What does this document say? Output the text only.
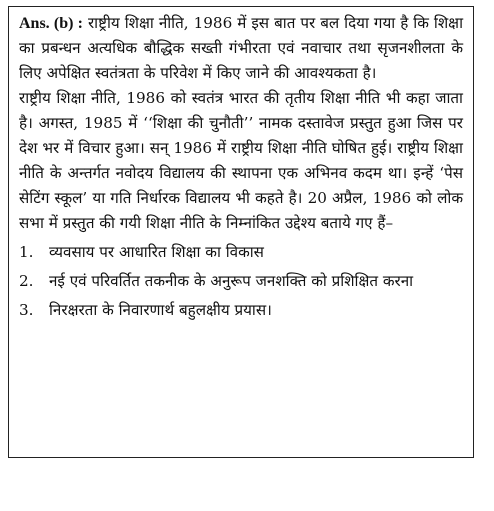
Ans. (b) : राष्ट्रीय शिक्षा नीति, 1986 में इस बात पर बल दिया गया है कि शिक्षा का प्रबन्धन अत्यधिक बौद्धिक सख्ती गंभीरता एवं नवाचार तथा सृजनशीलता के लिए अपेक्षित स्वतंत्रता के परिवेश में किए जाने की आवश्यकता है।

राष्ट्रीय शिक्षा नीति, 1986 को स्वतंत्र भारत की तृतीय शिक्षा नीति भी कहा जाता है। अगस्त, 1985 में ‘‘शिक्षा की चुनौती’’ नामक दस्तावेज प्रस्तुत हुआ जिस पर देश भर में विचार हुआ। सन् 1986 में राष्ट्रीय शिक्षा नीति घोषित हुई। राष्ट्रीय शिक्षा नीति के अन्तर्गत नवोदय विद्यालय की स्थापना एक अभिनव कदम था। इन्हें ‘पेस सेटिंग स्कूल’ या गति निर्धारक विद्यालय भी कहते है। 20 अप्रैल, 1986 को लोक सभा में प्रस्तुत की गयी शिक्षा नीति के निम्नांकित उद्देश्य बताये गए हैं–

1.	व्यवसाय पर आधारित शिक्षा का विकास
2.	नई एवं परिवर्तित तकनीक के अनुरूप जनशक्ति को प्रशिक्षित करना
3.	निरक्षरता के निवारणार्थ बहुलक्षीय प्रयास।
